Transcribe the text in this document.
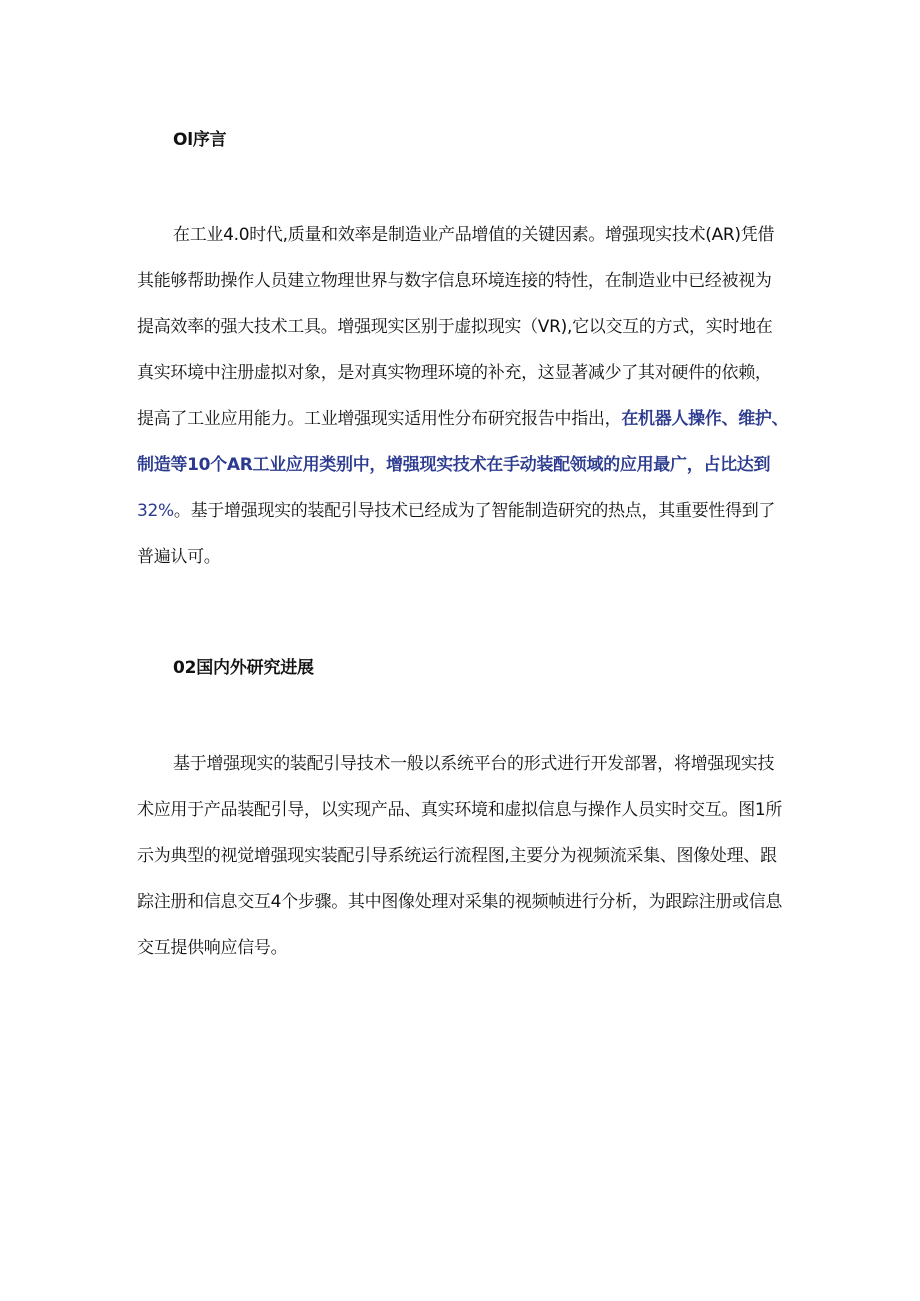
Ol序言
在工业4.0时代,质量和效率是制造业产品增值的关键因素。增强现实技术(AR)凭借
其能够帮助操作人员建立物理世界与数字信息环境连接的特性，在制造业中已经被视为
提高效率的强大技术工具。增强现实区别于虚拟现实（VR),它以交互的方式，实时地在
真实环境中注册虚拟对象，是对真实物理环境的补充，这显著减少了其对硬件的依赖，
提高了工业应用能力。工业增强现实适用性分布研究报告中指出，在机器人操作、维护、
制造等10个AR工业应用类别中，增强现实技术在手动装配领域的应用最广，占比达到
32%。基于增强现实的装配引导技术已经成为了智能制造研究的热点，其重要性得到了
普遍认可。
02国内外研究进展
基于增强现实的装配引导技术一般以系统平台的形式进行开发部署，将增强现实技
术应用于产品装配引导，以实现产品、真实环境和虚拟信息与操作人员实时交互。图1所
示为典型的视觉增强现实装配引导系统运行流程图,主要分为视频流采集、图像处理、跟
踪注册和信息交互4个步骤。其中图像处理对采集的视频帧进行分析，为跟踪注册或信息
交互提供响应信号。
